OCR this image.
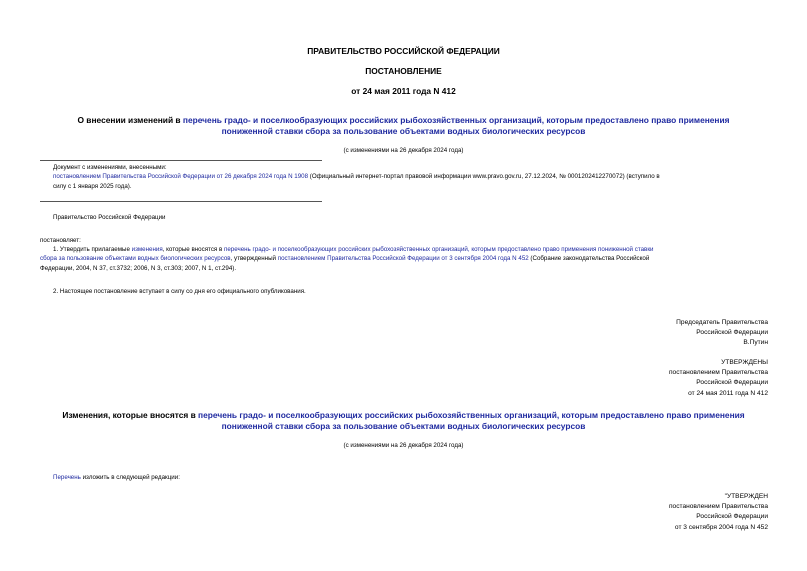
ПРАВИТЕЛЬСТВО РОССИЙСКОЙ ФЕДЕРАЦИИ
ПОСТАНОВЛЕНИЕ
от 24 мая 2011 года N 412
О внесении изменений в перечень градо- и поселкообразующих российских рыбохозяйственных организаций, которым предоставлено право применения
пониженной ставки сбора за пользование объектами водных биологических ресурсов
(с изменениями на 26 декабря 2024 года)
Документ с изменениями, внесенными:
постановлением Правительства Российской Федерации от 26 декабря 2024 года N 1908 (Официальный интернет-портал правовой информации www.pravo.gov.ru, 27.12.2024, № 0001202412270072) (вступило в
силу с 1 января 2025 года).
Правительство Российской Федерации
постановляет:
1. Утвердить прилагаемые изменения, которые вносятся в перечень градо- и поселкообразующих российских рыбохозяйственных организаций, которым предоставлено право применения пониженной ставки
сбора за пользование объектами водных биологических ресурсов, утвержденный постановлением Правительства Российской Федерации от 3 сентября 2004 года N 452 (Собрание законодательства Российской
Федерации, 2004, N 37, ст.3732; 2006, N 3, ст.303; 2007, N 1, ст.294).
2. Настоящее постановление вступает в силу со дня его официального опубликования.
Председатель Правительства
Российской Федерации
В.Путин
УТВЕРЖДЕНЫ
постановлением Правительства
Российской Федерации
от 24 мая 2011 года N 412
Изменения, которые вносятся в перечень градо- и поселкообразующих российских рыбохозяйственных организаций, которым предоставлено право применения
пониженной ставки сбора за пользование объектами водных биологических ресурсов
(с изменениями на 26 декабря 2024 года)
Перечень изложить в следующей редакции:
"УТВЕРЖДЕН
постановлением Правительства
Российской Федерации
от 3 сентября 2004 года N 452
